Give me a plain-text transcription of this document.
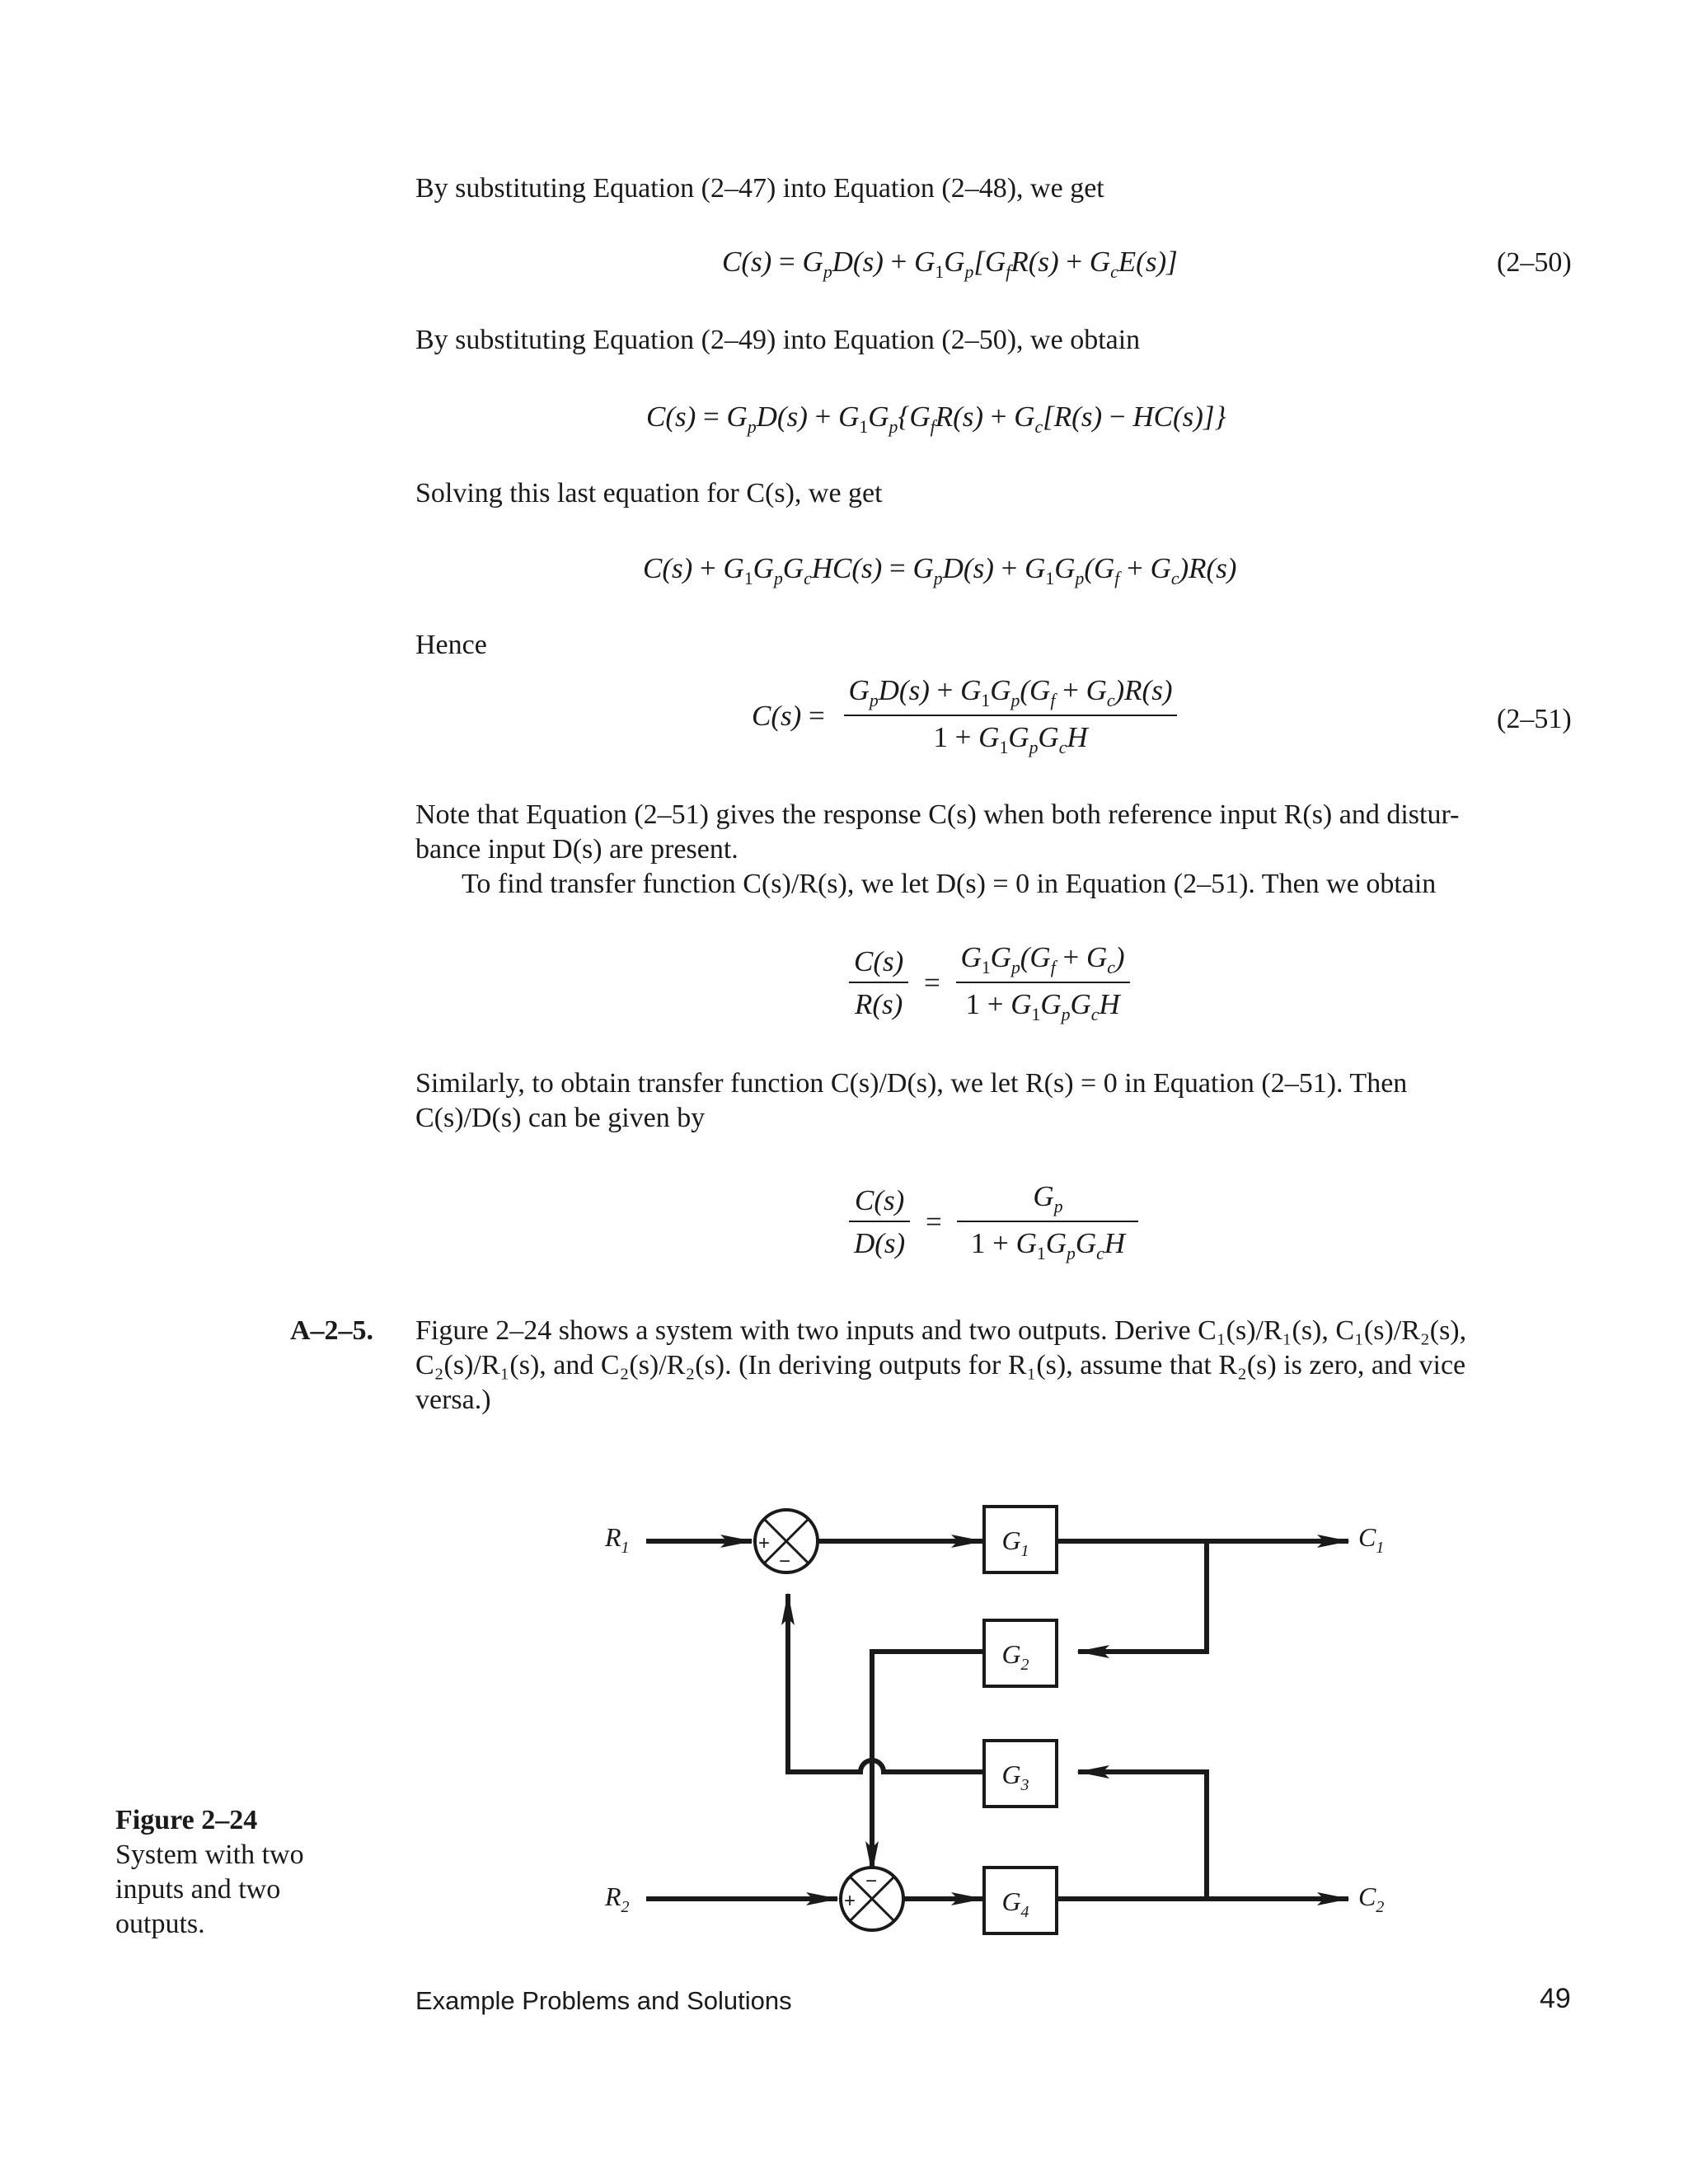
By substituting Equation (2–47) into Equation (2–48), we get
$C(s) = G_pD(s) + G_1G_p[G_fR(s) + G_cE(s)]$	(2–50)
By substituting Equation (2–49) into Equation (2–50), we obtain
$C(s) = G_pD(s) + G_1G_p\{G_fR(s) + G_c[R(s) - HC(s)]\}$
Solving this last equation for C(s), we get
$C(s) + G_1G_pG_cHC(s) = G_pD(s) + G_1G_p(G_f + G_c)R(s)$
Hence
$C(s) = \frac{G_pD(s) + G_1G_p(G_f + G_c)R(s)}{1 + G_1G_pG_cH}$	(2–51)
Note that Equation (2–51) gives the response C(s) when both reference input R(s) and distur-
bance input D(s) are present.
To find transfer function C(s)/R(s), we let D(s) = 0 in Equation (2–51). Then we obtain
$\frac{C(s)}{R(s)} = \frac{G_1G_p(G_f + G_c)}{1 + G_1G_pG_cH}$
Similarly, to obtain transfer function C(s)/D(s), we let R(s) = 0 in Equation (2–51). Then
C(s)/D(s) can be given by
$\frac{C(s)}{D(s)} = \frac{G_p}{1 + G_1G_pG_cH}$
A–2–5. Figure 2–24 shows a system with two inputs and two outputs. Derive C₁(s)/R₁(s), C₁(s)/R₂(s),
C₂(s)/R₁(s), and C₂(s)/R₂(s). (In deriving outputs for R₁(s), assume that R₂(s) is zero, and vice
versa.)
Figure 2–24
System with two
inputs and two
outputs.
+
−
+
−
$G_1$
$G_2$
$G_3$
$G_4$
$R_1$
$R_2$
$C_1$
$C_2$
Example Problems and Solutions	49
